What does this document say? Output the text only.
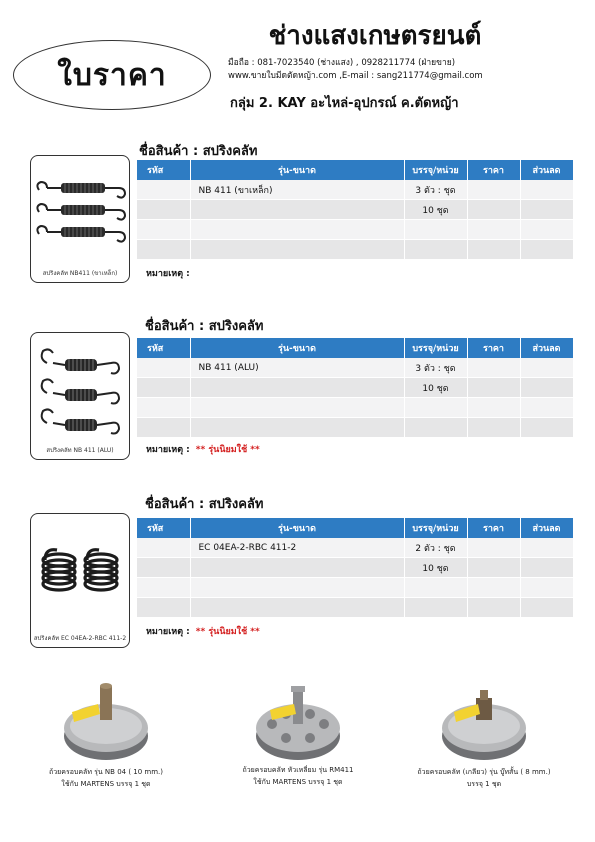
ใบราคา
ช่างแสงเกษตรยนต์
มือถือ : 081-7023540 (ช่างแสง) , 0928211774 (ฝ่ายขาย)
www.ขายใบมีดตัดหญ้า.com ,E-mail : sang211774@gmail.com
กลุ่ม 2. KAY อะไหล่-อุปกรณ์ ค.ตัดหญ้า
ชื่อสินค้า : สปริงคลัท
สปริงคลัท NB411 (ขาเหล็ก)
รหัส	รุ่น-ขนาด	บรรจุ/หน่วย	ราคา	ส่วนลด
	NB 411 (ขาเหล็ก)	3 ตัว : ชุด		
		10 ชุด		

หมายเหตุ :
ชื่อสินค้า : สปริงคลัท
สปริงคลัท NB 411 (ALU)
รหัส	รุ่น-ขนาด	บรรจุ/หน่วย	ราคา	ส่วนลด
	NB 411 (ALU)	3 ตัว : ชุด		
		10 ชุด		

หมายเหตุ : ** รุ่นนิยมใช้ **
ชื่อสินค้า : สปริงคลัท
สปริงคลัท EC 04EA-2-RBC 411-2
รหัส	รุ่น-ขนาด	บรรจุ/หน่วย	ราคา	ส่วนลด
	EC 04EA-2-RBC 411-2	2 ตัว : ชุด		
		10 ชุด		

หมายเหตุ : ** รุ่นนิยมใช้ **
ถ้วยครอบคลัท รุ่น NB 04 ( 10 mm.)
ใช้กับ MARTENS บรรจุ 1 ชุด
ถ้วยครอบคลัท หัวเหลี่ยม รุ่น RM411
ใช้กับ MARTENS บรรจุ 1 ชุด
ถ้วยครอบคลัท (เกลียว) รุ่น บู๊ทสั้น ( 8 mm.)
บรรจุ 1 ชุด
